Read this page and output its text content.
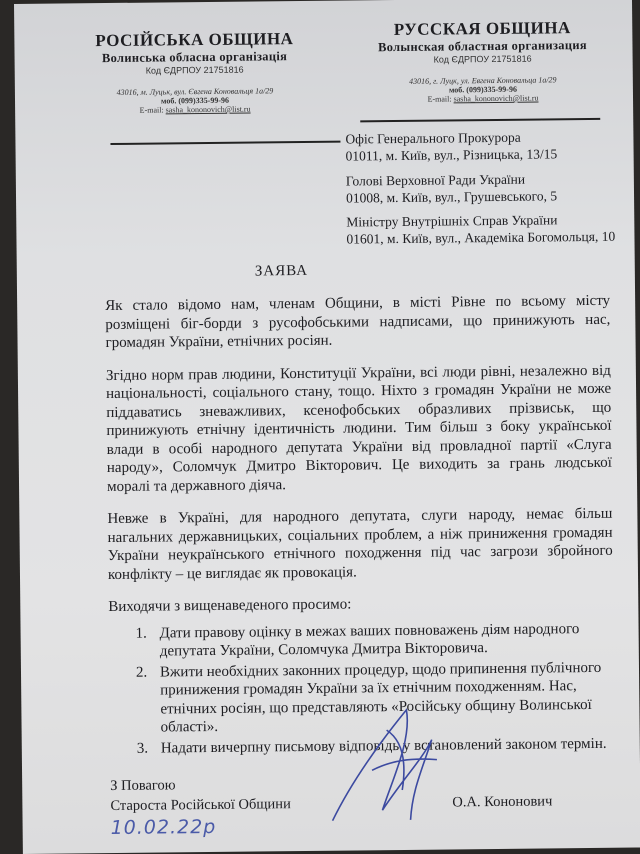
РОСІЙСЬКА ОБЩИНА
Волинська обласна організація
Код ЄДРПОУ 21751816
43016, м. Луцьк, вул. Євгена Коновальця 1а/29
моб. (099)335-99-96
E-mail: sasha_kononovich@list.ru
РУССКАЯ ОБЩИНА
Волынская областная организация
Код ЄДРПОУ 21751816
43016, г. Луцк, ул. Евгена Коновальца 1а/29
моб. (099)335-99-96
E-mail: sasha_kononovich@list.ru
Офіс Генерального Прокурора
01011, м. Київ, вул., Різницька, 13/15
Голові Верховної Ради України
01008, м. Київ, вул., Грушевського, 5
Міністру Внутрішніх Справ України
01601, м. Київ, вул., Академіка Богомольця, 10
ЗАЯВА
Як стало відомо нам, членам Общини, в місті Рівне по всьому місту
розміщені біг-борди з русофобськими надписами, що принижують нас,
громадян України, етнічних росіян.
Згідно норм прав людини, Конституції України, всі люди рівні, незалежно від
національності, соціального стану, тощо. Ніхто з громадян України не може
піддаватись зневажливих, ксенофобських образливих прізвиськ, що
принижують етнічну ідентичність людини. Тим більш з боку української
влади в особі народного депутата України від провладної партії «Слуга
народу», Соломчук Дмитро Вікторович. Це виходить за грань людської
моралі та державного діяча.
Невже в Україні, для народного депутата, слуги народу, немає більш
нагальних державницьких, соціальних проблем, а ніж приниження громадян
України неукраїнського етнічного походження під час загрози збройного
конфлікту – це виглядає як провокація.
Виходячи з вищенаведеного просимо:
1. Дати правову оцінку в межах ваших повноважень діям народного депутата України, Соломчука Дмитра Вікторовича.
2. Вжити необхідних законних процедур, щодо припинення публічного принижения громадян України за їх етнічним походженням. Нас, етнічних росіян, що представляють «Російську общину Волинської області».
3. Надати вичерпну письмову відповідь у встановлений законом термін.
З Повагою
Староста Російської Общини	О.А. Кононович
10.02.22р
